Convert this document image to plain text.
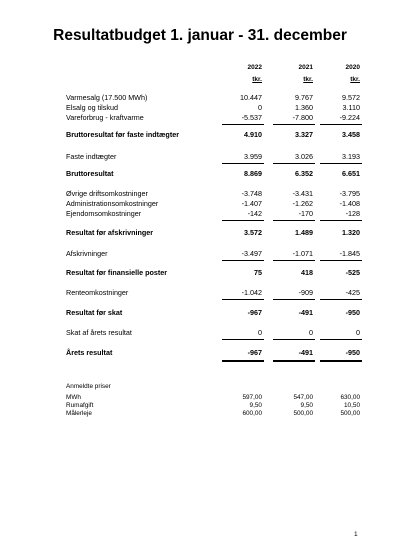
Resultatbudget 1. januar - 31. december
2022	2021	2020
tkr.	tkr.	tkr.
Varmesalg (17.500 MWh)	10.447	9.767	9.572
Elsalg og tilskud	0	1.360	3.110
Vareforbrug - kraftvarme	-5.537	-7.800	-9.224
Bruttoresultat før faste indtægter	4.910	3.327	3.458
Faste indtægter	3.959	3.026	3.193
Bruttoresultat	8.869	6.352	6.651
Øvrige driftsomkostninger	-3.748	-3.431	-3.795
Administrationsomkostninger	-1.407	-1.262	-1.408
Ejendomsomkostninger	-142	-170	-128
Resultat før afskrivninger	3.572	1.489	1.320
Afskrivninger	-3.497	-1.071	-1.845
Resultat før finansielle poster	75	418	-525
Renteomkostninger	-1.042	-909	-425
Resultat før skat	-967	-491	-950
Skat af årets resultat	0	0	0
Årets resultat	-967	-491	-950
Anmeldte priser
MWh	597,00	547,00	630,00
Rumafgift	9,50	9,50	10,50
Målerleje	600,00	500,00	500,00
1
